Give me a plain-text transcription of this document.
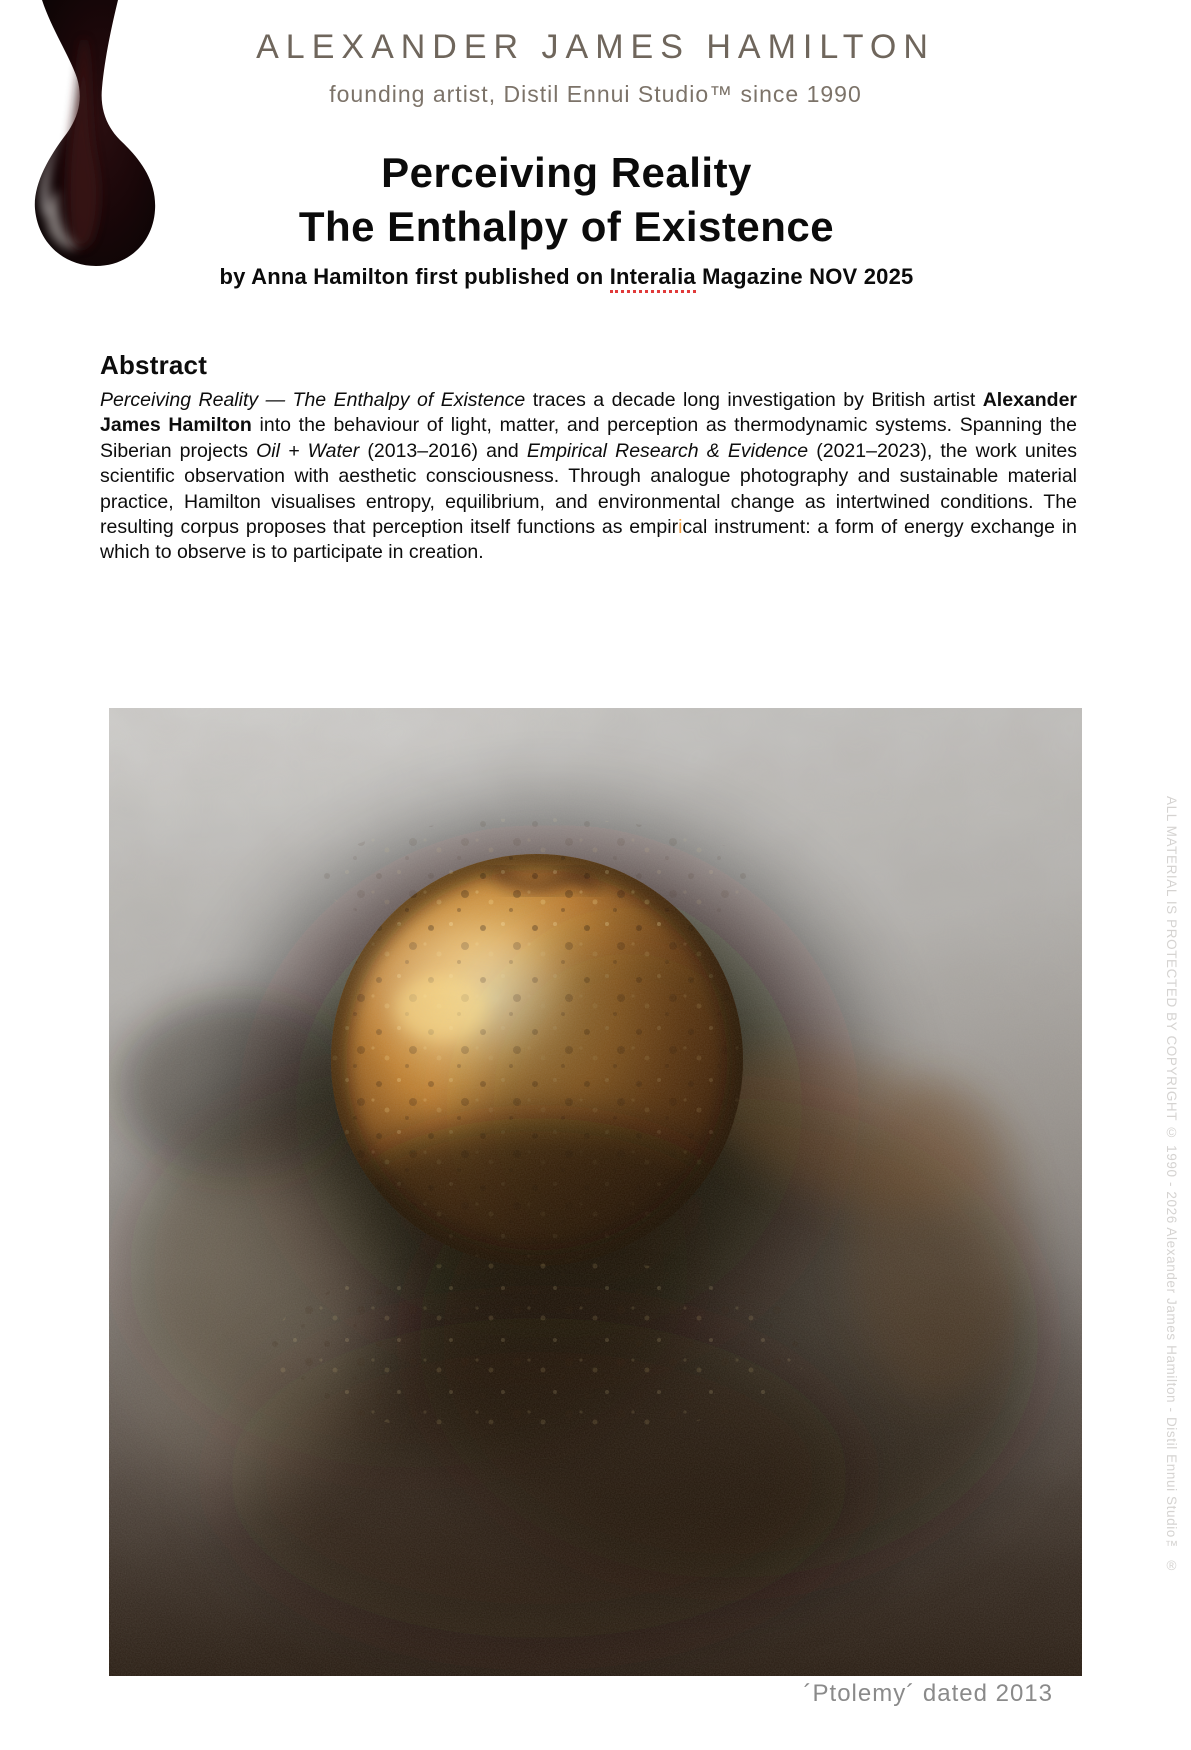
ALEXANDER JAMES HAMILTON
founding artist, Distil Ennui Studio™ since 1990
Perceiving Reality
The Enthalpy of Existence
by Anna Hamilton first published on Interalia Magazine NOV 2025
Abstract

Perceiving Reality — The Enthalpy of Existence traces a decade long investigation by British artist Alexander James Hamilton into the behaviour of light, matter, and perception as thermodynamic systems. Spanning the Siberian projects Oil + Water (2013–2016) and Empirical Research & Evidence (2021–2023), the work unites scientific observation with aesthetic consciousness. Through analogue photography and sustainable material practice, Hamilton visualises entropy, equilibrium, and environmental change as intertwined conditions. The resulting corpus proposes that perception itself functions as empirical instrument: a form of energy exchange in which to observe is to participate in creation.

´Ptolemy´ dated 2013
ALL MATERIAL IS PROTECTED BY COPYRIGHT © 1990 - 2026 Alexander James Hamilton - Distil Ennui Studio™ ®
